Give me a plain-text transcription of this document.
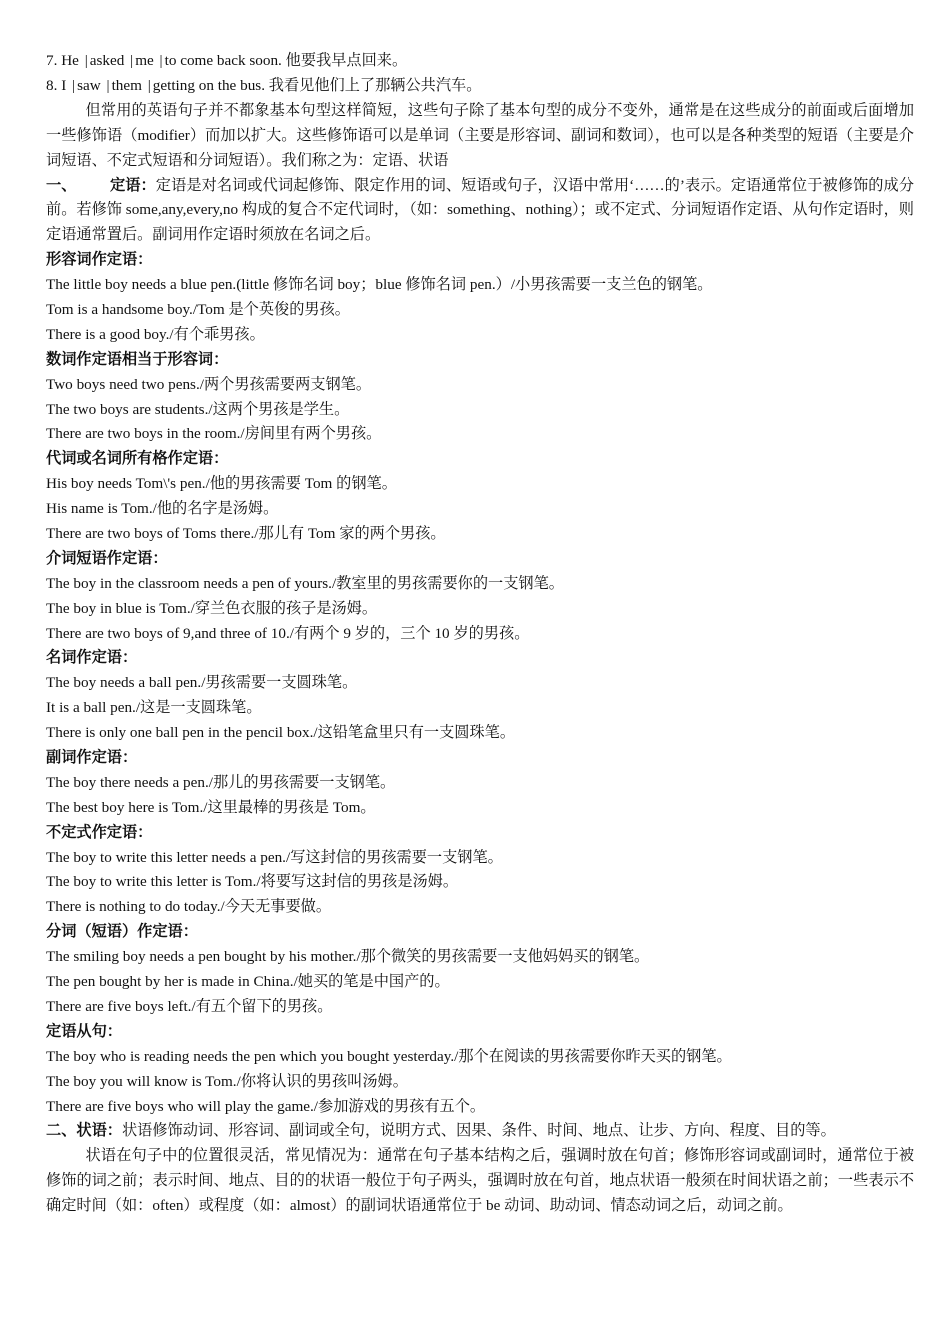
7. He | asked | me | to come back soon. 他要我早点回来。
8. I | saw | them | getting on the bus. 我看见他们上了那辆公共汽车。
但常用的英语句子并不都象基本句型这样简短，这些句子除了基本句型的成分不变外，通常是在这些成分的前面或后面增加一些修饰语（modifier）而加以扩大。这些修饰语可以是单词（主要是形容词、副词和数词），也可以是各种类型的短语（主要是介词短语、不定式短语和分词短语）。我们称之为：定语、状语
一、 定语：定语是对名词或代词起修饰、限定作用的词、短语或句子，汉语中常用‘……的’表示。定语通常位于被修饰的成分前。若修饰 some,any,every,no 构成的复合不定代词时，（如：something、nothing）；或不定式、分词短语作定语、从句作定语时，则定语通常置后。副词用作定语时须放在名词之后。
形容词作定语：
The little boy needs a blue pen.(little 修饰名词 boy；blue 修饰名词 pen.）/小男孩需要一支兰色的钢笔。
Tom is a handsome boy./Tom 是个英俊的男孩。
There is a good boy./有个乖男孩。
数词作定语相当于形容词：
Two boys need two pens./两个男孩需要两支钢笔。
The two boys are students./这两个男孩是学生。
There are two boys in the room./房间里有两个男孩。
代词或名词所有格作定语：
His boy needs Tom\'s pen./他的男孩需要 Tom 的钢笔。
His name is Tom./他的名字是汤姆。
There are two boys of Toms there./那儿有 Tom 家的两个男孩。
介词短语作定语：
The boy in the classroom needs a pen of yours./教室里的男孩需要你的一支钢笔。
The boy in blue is Tom./穿兰色衣服的孩子是汤姆。
There are two boys of 9,and three of 10./有两个 9 岁的，三个 10 岁的男孩。
名词作定语：
The boy needs a ball pen./男孩需要一支圆珠笔。
It is a ball pen./这是一支圆珠笔。
There is only one ball pen in the pencil box./这铅笔盒里只有一支圆珠笔。
副词作定语：
The boy there needs a pen./那儿的男孩需要一支钢笔。
The best boy here is Tom./这里最棒的男孩是 Tom。
不定式作定语：
The boy to write this letter needs a pen./写这封信的男孩需要一支钢笔。
The boy to write this letter is Tom./将要写这封信的男孩是汤姆。
There is nothing to do today./今天无事要做。
分词（短语）作定语：
The smiling boy needs a pen bought by his mother./那个微笑的男孩需要一支他妈妈买的钢笔。
The pen bought by her is made in China./她买的笔是中国产的。
There are five boys left./有五个留下的男孩。
定语从句：
The boy who is reading needs the pen which you bought yesterday./那个在阅读的男孩需要你昨天买的钢笔。
The boy you will know is Tom./你将认识的男孩叫汤姆。
There are five boys who will play the game./参加游戏的男孩有五个。
二、状语：状语修饰动词、形容词、副词或全句，说明方式、因果、条件、时间、地点、让步、方向、程度、目的等。
状语在句子中的位置很灵活，常见情况为：通常在句子基本结构之后，强调时放在句首；修饰形容词或副词时，通常位于被修饰的词之前；表示时间、地点、目的的状语一般位于句子两头，强调时放在句首，地点状语一般须在时间状语之前；一些表示不确定时间（如：often）或程度（如：almost）的副词状语通常位于 be 动词、助动词、情态动词之后，动词之前。
